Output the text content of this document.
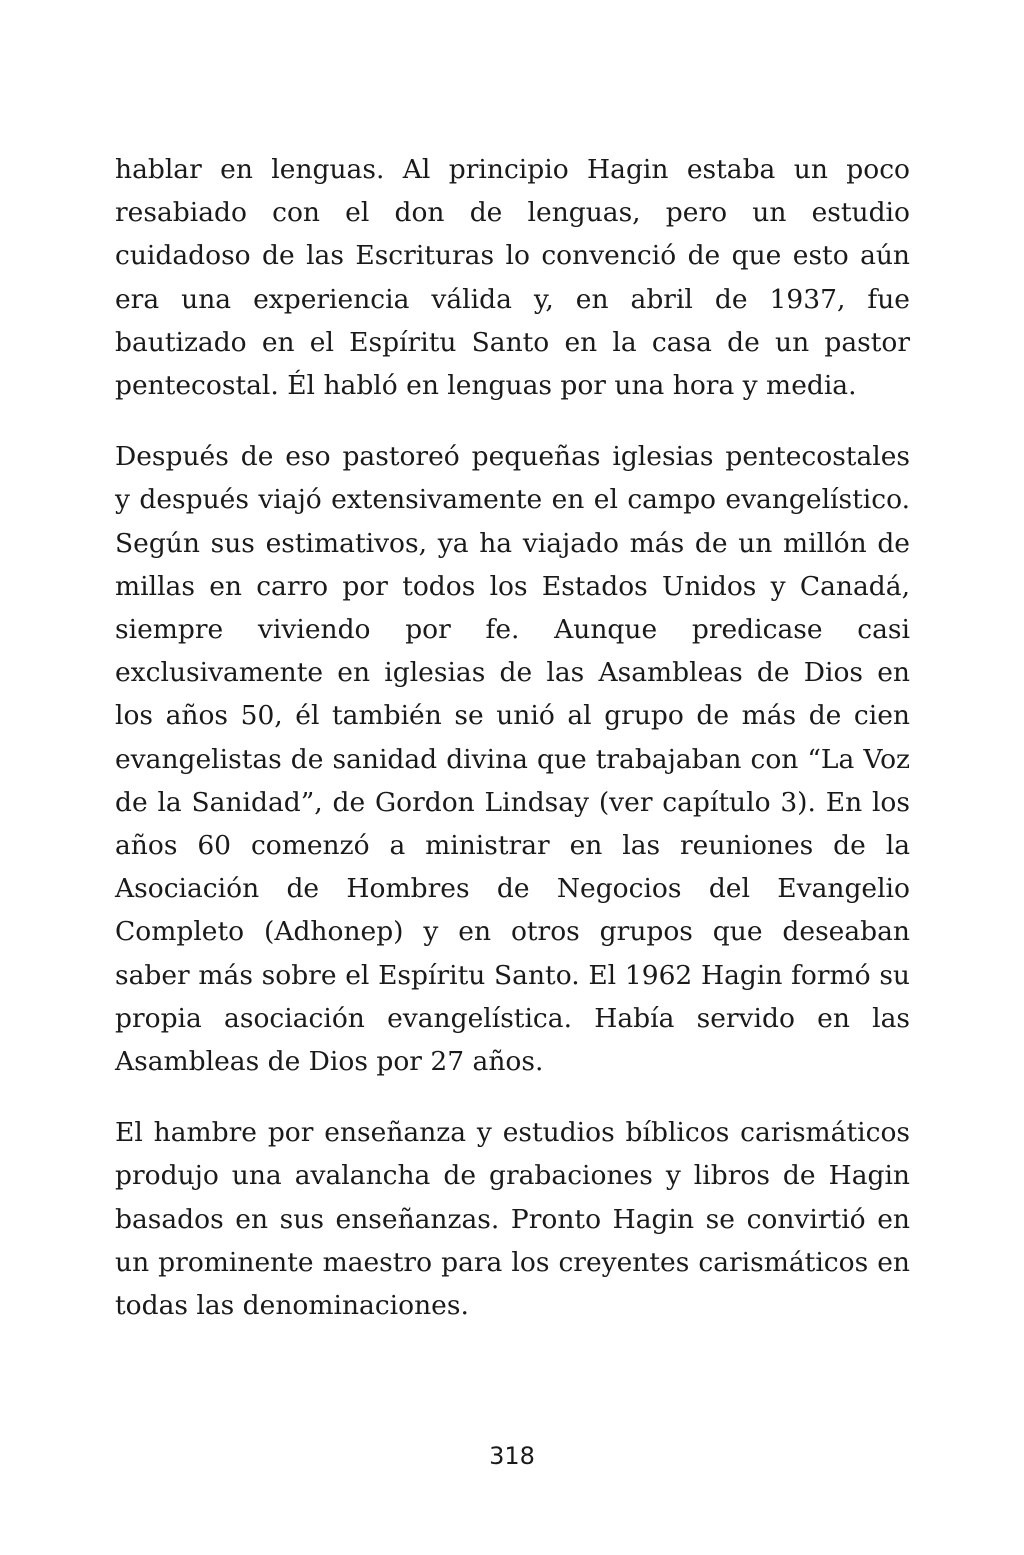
hablar en lenguas. Al principio Hagin estaba un poco resabiado con el don de lenguas, pero un estudio cuidadoso de las Escrituras lo convenció de que esto aún era una experiencia válida y, en abril de 1937, fue bautizado en el Espíritu Santo en la casa de un pastor pentecostal. Él habló en lenguas por una hora y media.

Después de eso pastoreó pequeñas iglesias pentecostales y después viajó extensivamente en el campo evangelístico. Según sus estimativos, ya ha viajado más de un millón de millas en carro por todos los Estados Unidos y Canadá, siempre viviendo por fe. Aunque predicase casi exclusivamente en iglesias de las Asambleas de Dios en los años 50, él también se unió al grupo de más de cien evangelistas de sanidad divina que trabajaban con “La Voz de la Sanidad”, de Gordon Lindsay (ver capítulo 3). En los años 60 comenzó a ministrar en las reuniones de la Asociación de Hombres de Negocios del Evangelio Completo (Adhonep) y en otros grupos que deseaban saber más sobre el Espíritu Santo. El 1962 Hagin formó su propia asociación evangelística. Había servido en las Asambleas de Dios por 27 años.

El hambre por enseñanza y estudios bíblicos carismáticos produjo una avalancha de grabaciones y libros de Hagin basados en sus enseñanzas. Pronto Hagin se convirtió en un prominente maestro para los creyentes carismáticos en todas las denominaciones.

318
